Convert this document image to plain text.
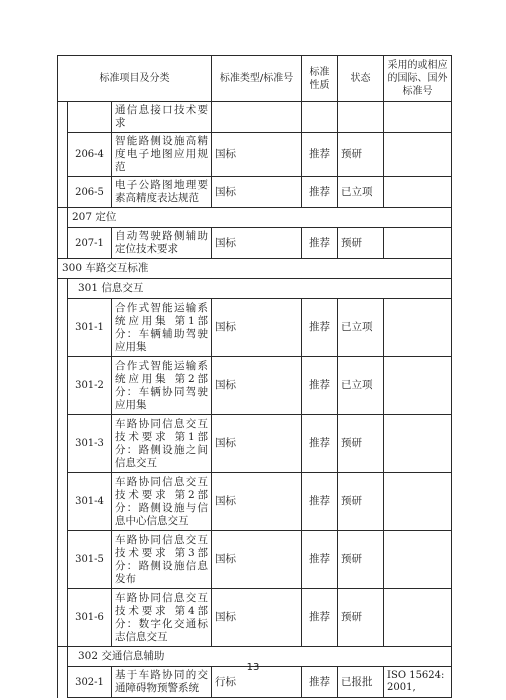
标准项目及分类			标准类型/标准号	标准性质	状态	采用的或相应的国际、国外标准号
		通信息接口技术要求				
	206-4	智能路侧设施高精度电子地图应用规范	国标	推荐	预研	
	206-5	电子公路图地理要素高精度表达规范	国标	推荐	已立项	
	207 定位					
	207-1	自动驾驶路侧辅助定位技术要求	国标	推荐	预研	
300 车路交互标准						
	301 信息交互					
	301-1	合作式智能运输系统应用集 第1部分：车辆辅助驾驶应用集	国标	推荐	已立项	
	301-2	合作式智能运输系统应用集 第2部分：车辆协同驾驶应用集	国标	推荐	已立项	
	301-3	车路协同信息交互技术要求 第1部分：路侧设施之间信息交互	国标	推荐	预研	
	301-4	车路协同信息交互技术要求 第2部分：路侧设施与信息中心信息交互	国标	推荐	预研	
	301-5	车路协同信息交互技术要求 第3部分：路侧设施信息发布	国标	推荐	预研	
	301-6	车路协同信息交互技术要求 第4部分：数字化交通标志信息交互	国标	推荐	预研	
	302 交通信息辅助					
	302-1	基于车路协同的交通障碍物预警系统	行标	推荐	已报批	ISO 15624:2001,
13
